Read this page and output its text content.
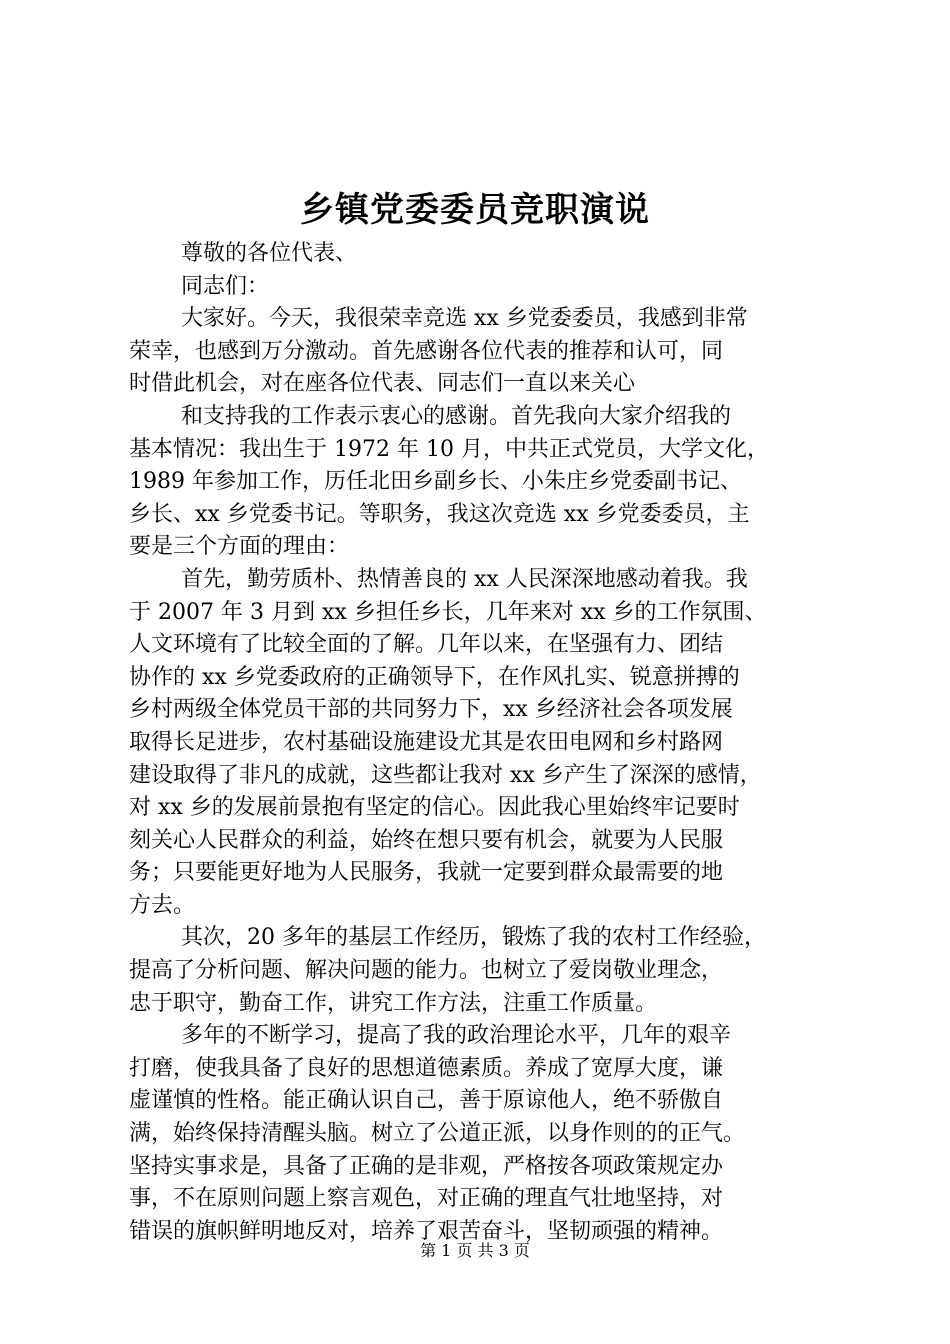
乡镇党委委员竞职演说
尊敬的各位代表、
同志们：
大家好。今天，我很荣幸竞选 xx 乡党委委员，我感到非常
荣幸，也感到万分激动。首先感谢各位代表的推荐和认可，同
时借此机会，对在座各位代表、同志们一直以来关心
和支持我的工作表示衷心的感谢。首先我向大家介绍我的
基本情况：我出生于 1972 年 10 月，中共正式党员，大学文化，
1989 年参加工作，历任北田乡副乡长、小朱庄乡党委副书记、
乡长、xx 乡党委书记。等职务，我这次竞选 xx 乡党委委员，主
要是三个方面的理由：
首先，勤劳质朴、热情善良的 xx 人民深深地感动着我。我
于 2007 年 3 月到 xx 乡担任乡长，几年来对 xx 乡的工作氛围、
人文环境有了比较全面的了解。几年以来，在坚强有力、团结
协作的 xx 乡党委政府的正确领导下，在作风扎实、锐意拼搏的
乡村两级全体党员干部的共同努力下，xx 乡经济社会各项发展
取得长足进步，农村基础设施建设尤其是农田电网和乡村路网
建设取得了非凡的成就，这些都让我对 xx 乡产生了深深的感情，
对 xx 乡的发展前景抱有坚定的信心。因此我心里始终牢记要时
刻关心人民群众的利益，始终在想只要有机会，就要为人民服
务；只要能更好地为人民服务，我就一定要到群众最需要的地
方去。
其次，20 多年的基层工作经历，锻炼了我的农村工作经验，
提高了分析问题、解决问题的能力。也树立了爱岗敬业理念，
忠于职守，勤奋工作，讲究工作方法，注重工作质量。
多年的不断学习，提高了我的政治理论水平，几年的艰辛
打磨，使我具备了良好的思想道德素质。养成了宽厚大度，谦
虚谨慎的性格。能正确认识自己，善于原谅他人，绝不骄傲自
满，始终保持清醒头脑。树立了公道正派，以身作则的的正气。
坚持实事求是，具备了正确的是非观，严格按各项政策规定办
事，不在原则问题上察言观色，对正确的理直气壮地坚持，对
错误的旗帜鲜明地反对，培养了艰苦奋斗，坚韧顽强的精神。
第 1 页 共 3 页
